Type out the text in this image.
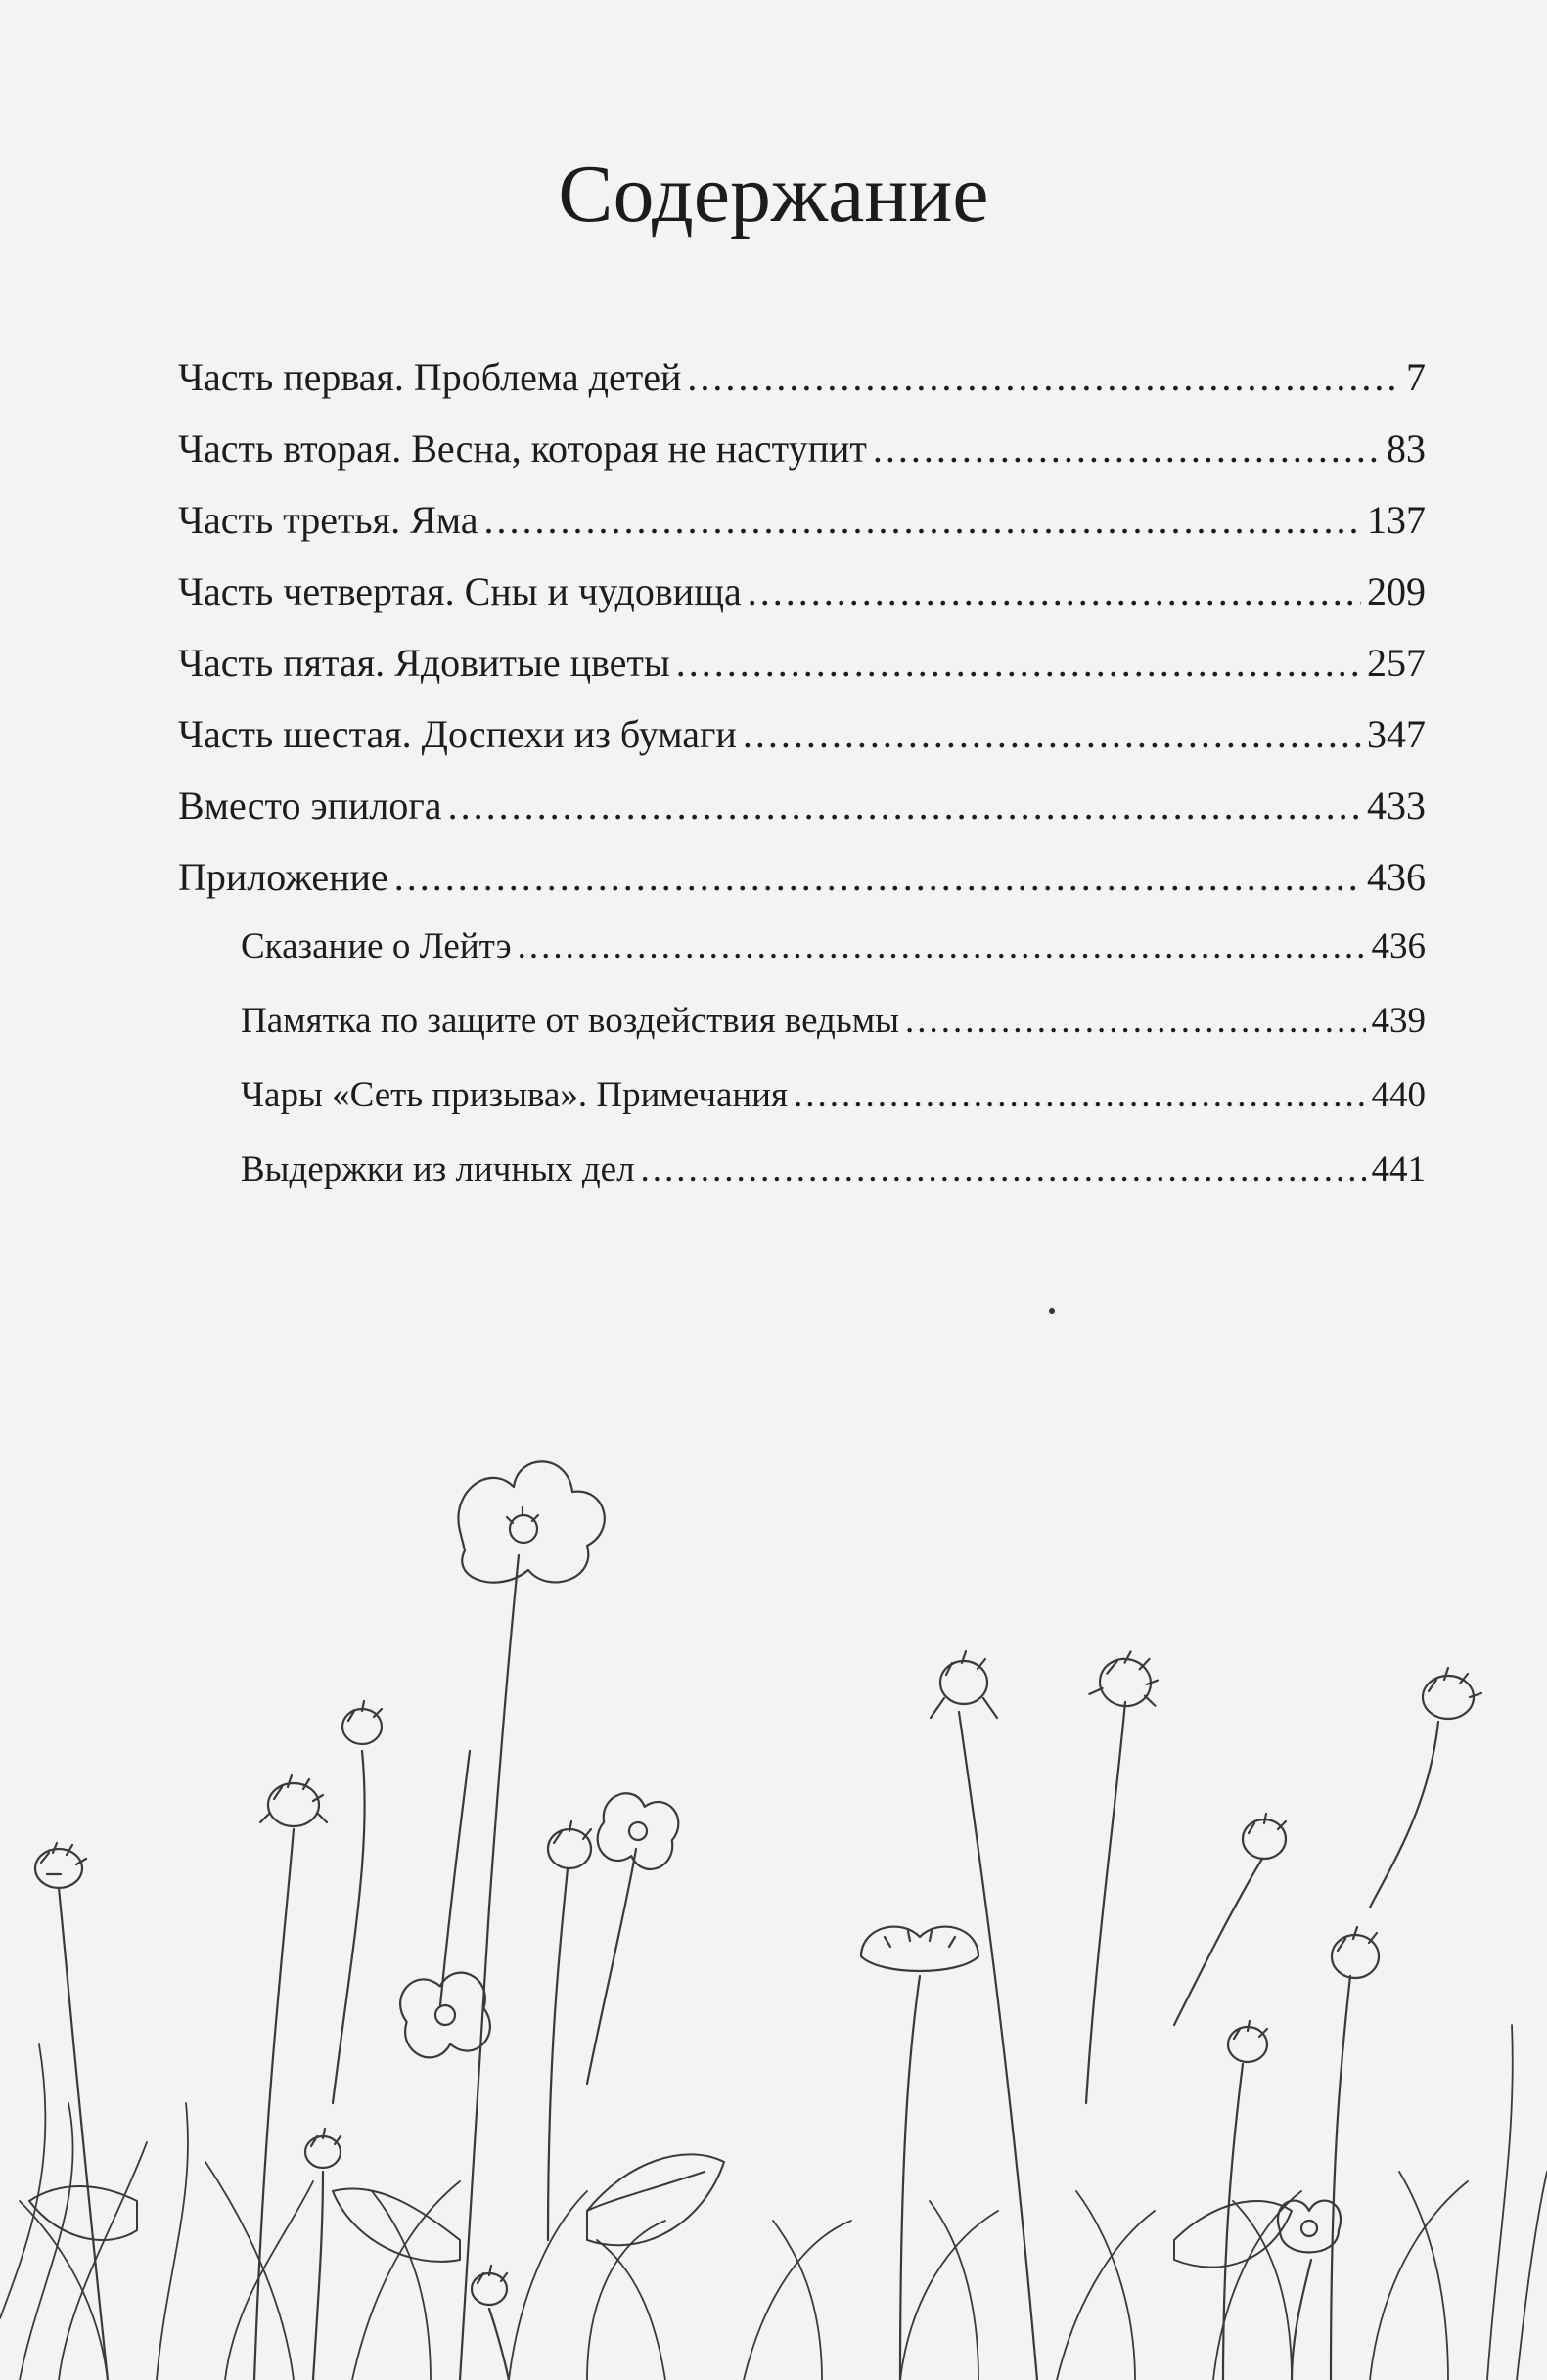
Содержание
Часть первая. Проблема детей .....	7
Часть вторая. Весна, которая не наступит .....	83
Часть третья. Яма .....	137
Часть четвертая. Сны и чудовища .....	209
Часть пятая. Ядовитые цветы .....	257
Часть шестая. Доспехи из бумаги .....	347
Вместо эпилога .....	433
Приложение .....	436
Сказание о Лейтэ .....	436
Памятка по защите от воздействия ведьмы .....	439
Чары «Сеть призыва». Примечания .....	440
Выдержки из личных дел .....	441
